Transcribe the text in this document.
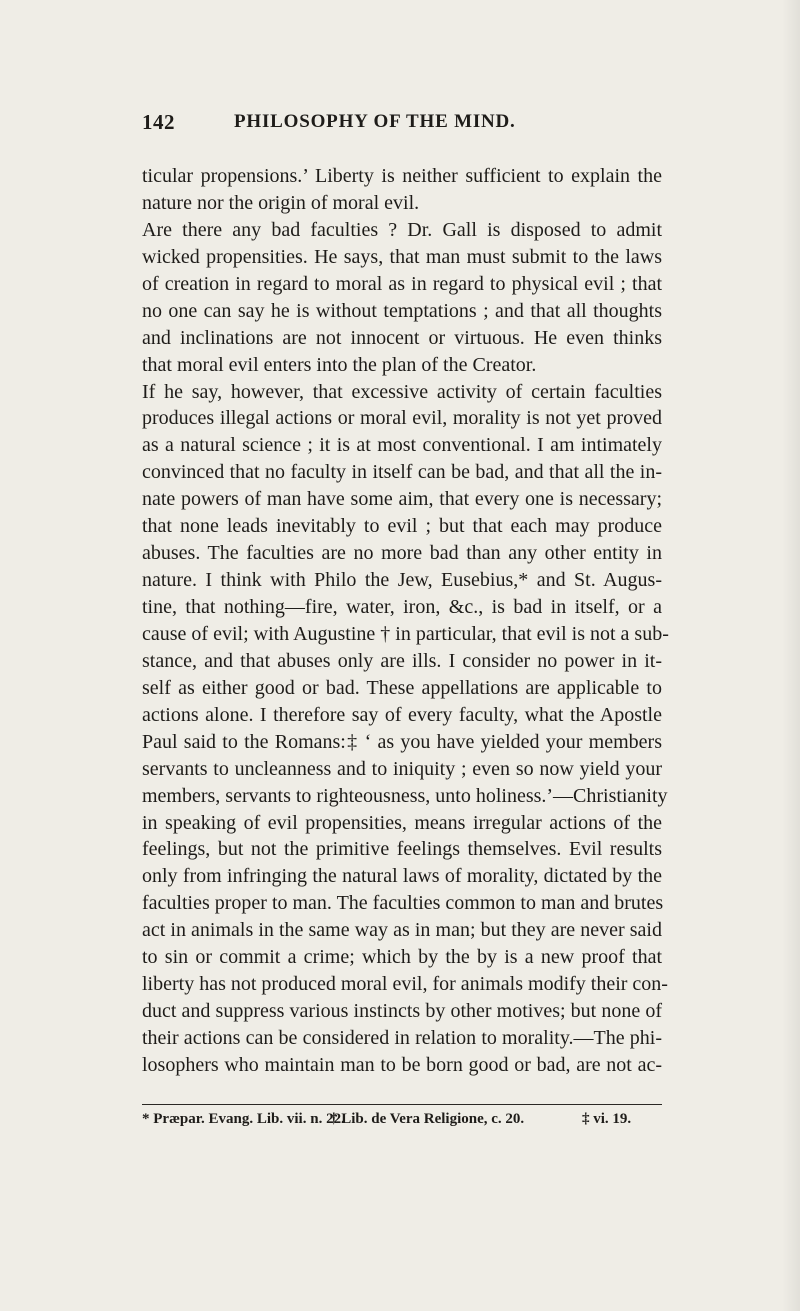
142	PHILOSOPHY OF THE MIND.
ticular propensions.’ Liberty is neither sufficient to explain the
nature nor the origin of moral evil.
Are there any bad faculties ? Dr. Gall is disposed to admit
wicked propensities. He says, that man must submit to the laws
of creation in regard to moral as in regard to physical evil ; that
no one can say he is without temptations ; and that all thoughts
and inclinations are not innocent or virtuous. He even thinks
that moral evil enters into the plan of the Creator.
If he say, however, that excessive activity of certain faculties
produces illegal actions or moral evil, morality is not yet proved
as a natural science ; it is at most conventional. I am intimately
convinced that no faculty in itself can be bad, and that all the in-
nate powers of man have some aim, that every one is necessary;
that none leads inevitably to evil ; but that each may produce
abuses. The faculties are no more bad than any other entity in
nature. I think with Philo the Jew, Eusebius,* and St. Augus-
tine, that nothing—fire, water, iron, &c., is bad in itself, or a
cause of evil; with Augustine † in particular, that evil is not a sub-
stance, and that abuses only are ills. I consider no power in it-
self as either good or bad. These appellations are applicable to
actions alone. I therefore say of every faculty, what the Apostle
Paul said to the Romans:‡ ‘ as you have yielded your members
servants to uncleanness and to iniquity ; even so now yield your
members, servants to righteousness, unto holiness.’—Christianity
in speaking of evil propensities, means irregular actions of the
feelings, but not the primitive feelings themselves. Evil results
only from infringing the natural laws of morality, dictated by the
faculties proper to man. The faculties common to man and brutes
act in animals in the same way as in man; but they are never said
to sin or commit a crime; which by the by is a new proof that
liberty has not produced moral evil, for animals modify their con-
duct and suppress various instincts by other motives; but none of
their actions can be considered in relation to morality.—The phi-
losophers who maintain man to be born good or bad, are not ac-
* Præpar. Evang. Lib. vii. n. 22.
† Lib. de Vera Religione, c. 20.	‡ vi. 19.
